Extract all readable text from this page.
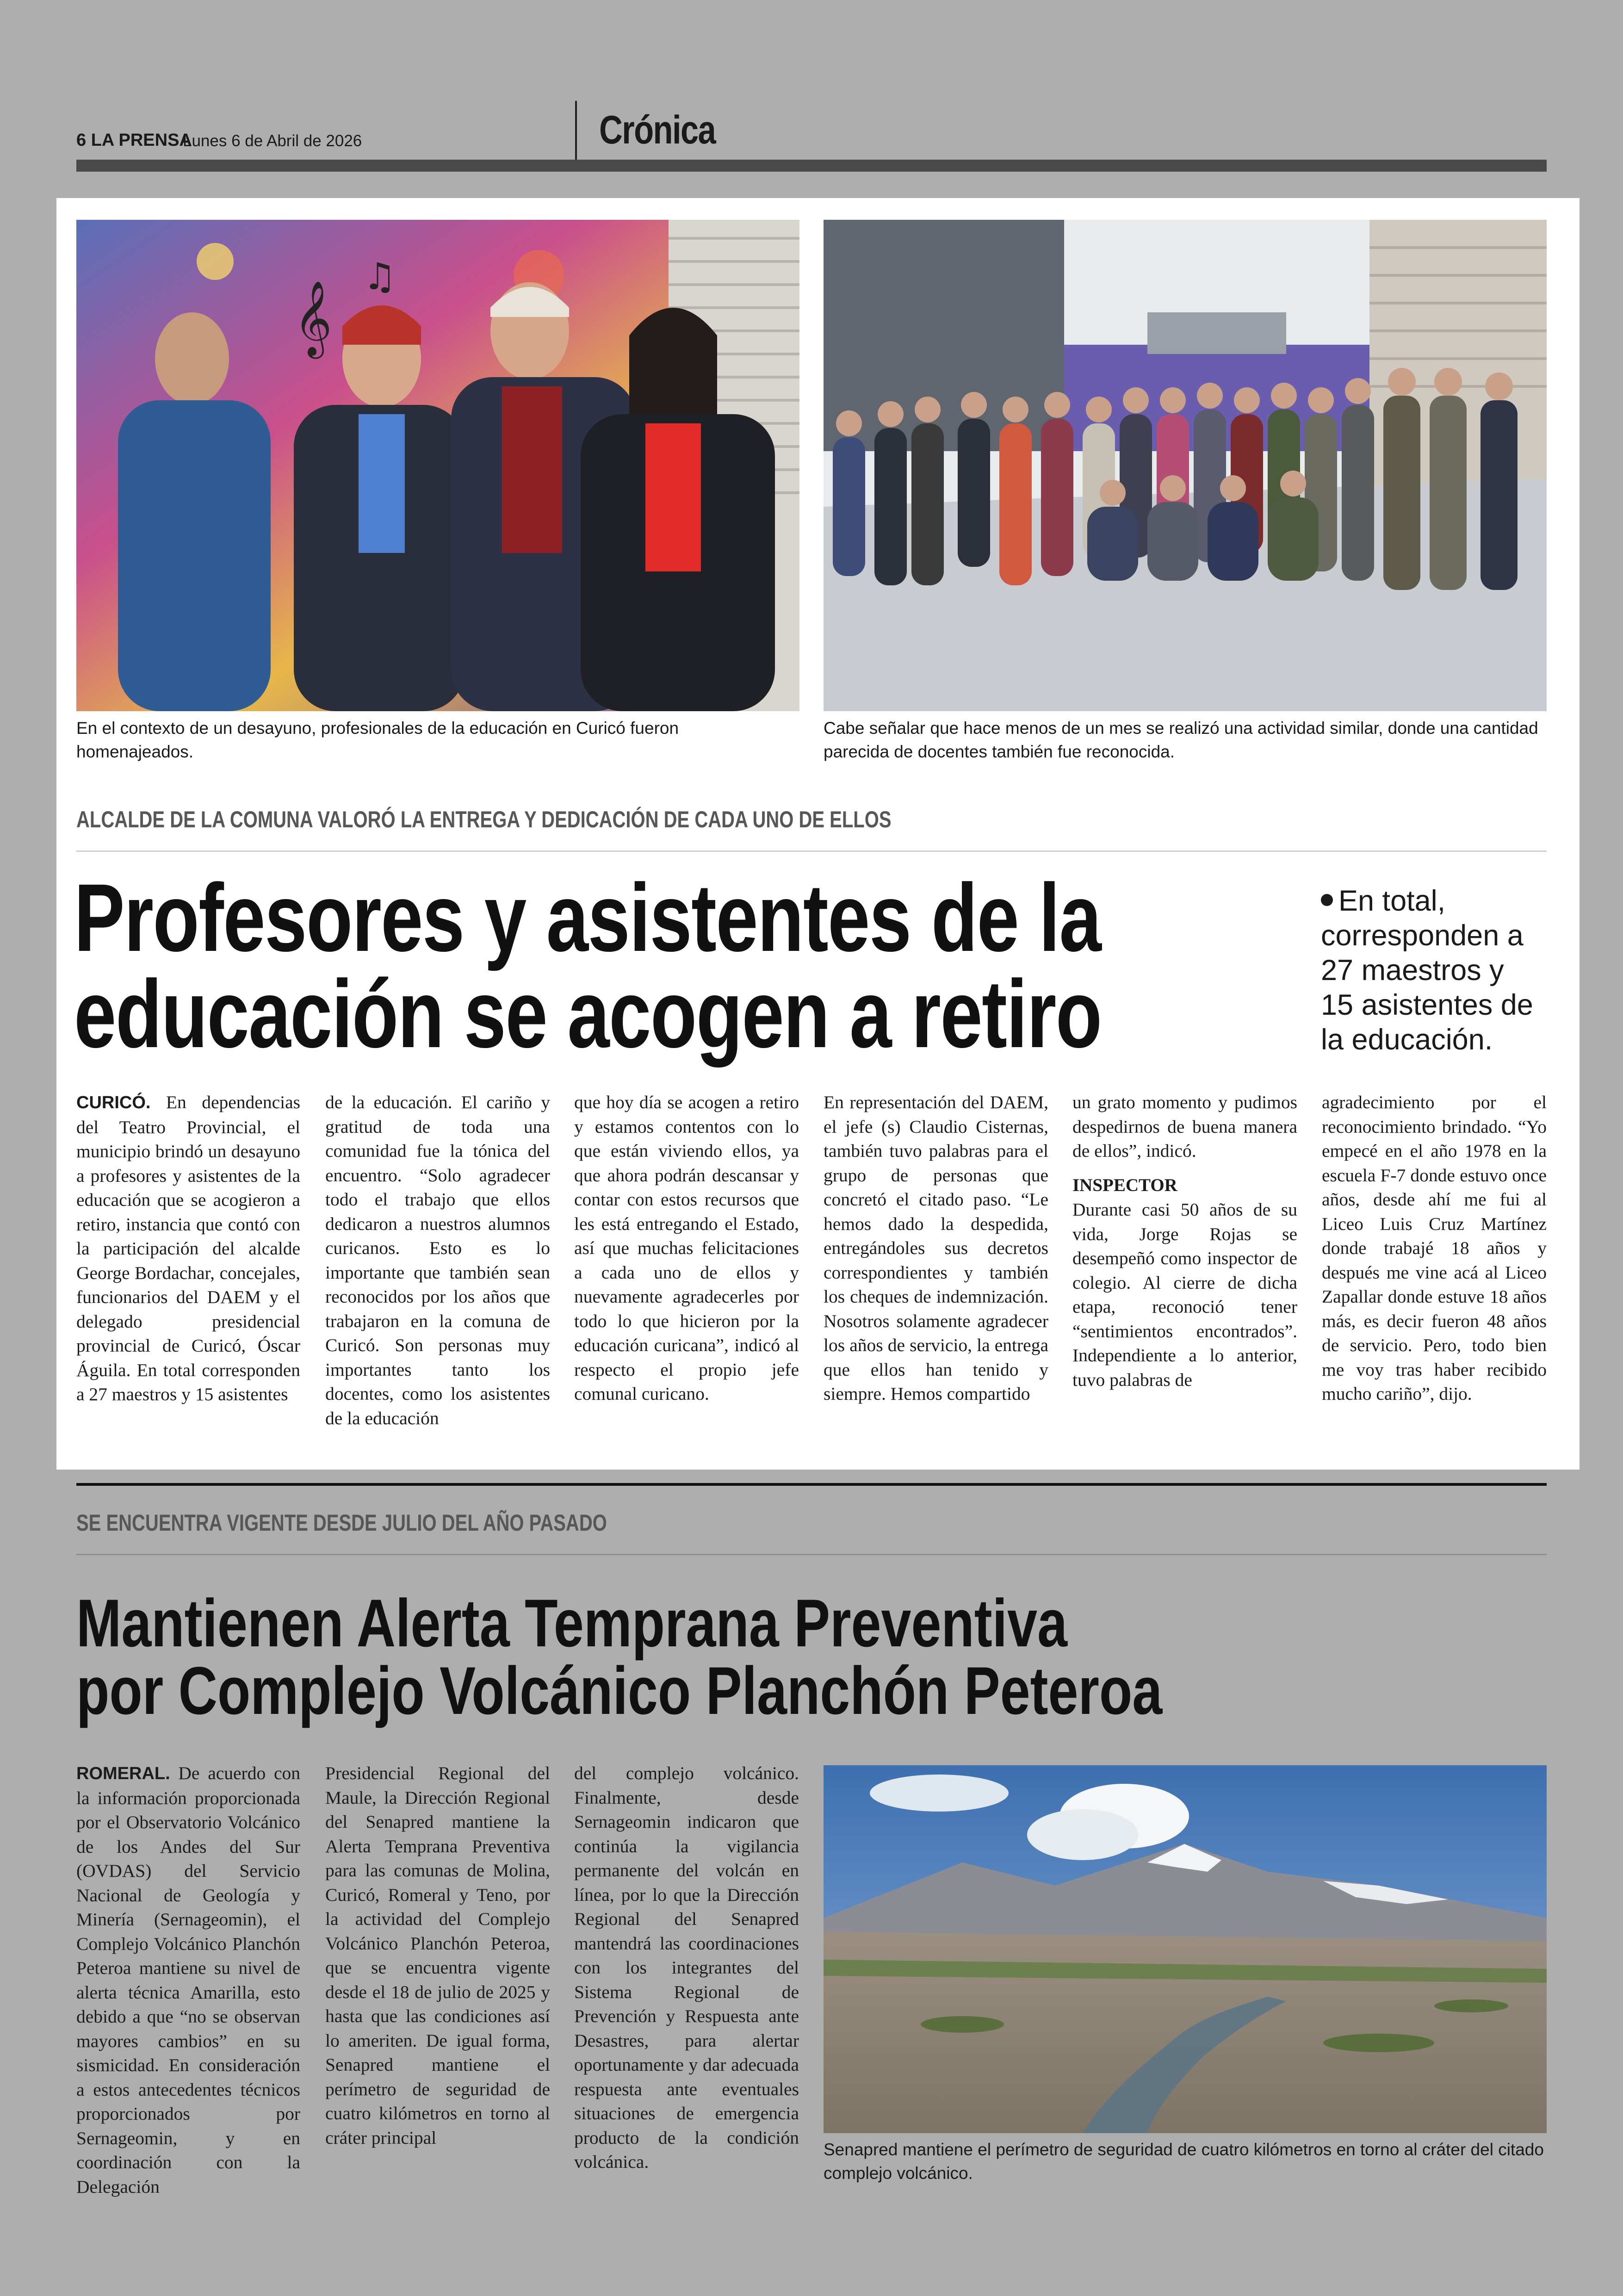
6 LA PRENSA
Lunes 6 de Abril de 2026	Crónica
𝄞
♫
En el contexto de un desayuno, profesionales de la educación en Curicó fueron homenajeados.
Cabe señalar que hace menos de un mes se realizó una actividad similar, donde una cantidad parecida de docentes también fue reconocida.
ALCALDE DE LA COMUNA VALORÓ LA ENTREGA Y DEDICACIÓN DE CADA UNO DE ELLOS
Profesores y asistentes de la
educación se acogen a retiro
En total, corresponden a 27 maestros y 15 asistentes de la educación.

CURICÓ. En dependencias del Teatro Provincial, el municipio brindó un desayuno a profesores y asistentes de la educación que se acogieron a retiro, instancia que contó con la participación del alcalde George Bordachar, concejales, funcionarios del DAEM y el delegado presidencial provincial de Curicó, Óscar Águila. En total corresponden a 27 maestros y 15 asistentes

de la educación. El cariño y gratitud de toda una comunidad fue la tónica del encuentro. “Solo agradecer todo el trabajo que ellos dedicaron a nuestros alumnos curicanos. Esto es lo importante que también sean reconocidos por los años que trabajaron en la comuna de Curicó. Son personas muy importantes tanto los docentes, como los asistentes de la educación

que hoy día se acogen a retiro y estamos contentos con lo que están viviendo ellos, ya que ahora podrán descansar y contar con estos recursos que les está entregando el Estado, así que muchas felicitaciones a cada uno de ellos y nuevamente agradecerles por todo lo que hicieron por la educación curicana”, indicó al respecto el propio jefe comunal curicano.

En representación del DAEM, el jefe (s) Claudio Cisternas, también tuvo palabras para el grupo de personas que concretó el citado paso. “Le hemos dado la despedida, entregándoles sus decretos correspondientes y también los cheques de indemnización. Nosotros solamente agradecer los años de servicio, la entrega que ellos han tenido y siempre. Hemos compartido

un grato momento y pudimos despedirnos de buena manera de ellos”, indicó.

INSPECTOR

Durante casi 50 años de su vida, Jorge Rojas se desempeñó como inspector de colegio. Al cierre de dicha etapa, reconoció tener “sentimientos encontrados”. Independiente a lo anterior, tuvo palabras de

agradecimiento por el reconocimiento brindado. “Yo empecé en el año 1978 en la escuela F-7 donde estuvo once años, desde ahí me fui al Liceo Luis Cruz Martínez donde trabajé 18 años y después me vine acá al Liceo Zapallar donde estuve 18 años más, es decir fueron 48 años de servicio. Pero, todo bien me voy tras haber recibido mucho cariño”, dijo.

SE ENCUENTRA VIGENTE DESDE JULIO DEL AÑO PASADO
Mantienen Alerta Temprana Preventiva
por Complejo Volcánico Planchón Peteroa

ROMERAL. De acuerdo con la información proporcionada por el Observatorio Volcánico de los Andes del Sur (OVDAS) del Servicio Nacional de Geología y Minería (Sernageomin), el Complejo Volcánico Planchón Peteroa mantiene su nivel de alerta técnica Amarilla, esto debido a que “no se observan mayores cambios” en su sismicidad. En consideración a estos antecedentes técnicos proporcionados por Sernageomin, y en coordinación con la Delegación

Presidencial Regional del Maule, la Dirección Regional del Senapred mantiene la Alerta Temprana Preventiva para las comunas de Molina, Curicó, Romeral y Teno, por la actividad del Complejo Volcánico Planchón Peteroa, que se encuentra vigente desde el 18 de julio de 2025 y hasta que las condiciones así lo ameriten. De igual forma, Senapred mantiene el perímetro de seguridad de cuatro kilómetros en torno al cráter principal

del complejo volcánico. Finalmente, desde Sernageomin indicaron que continúa la vigilancia permanente del volcán en línea, por lo que la Dirección Regional del Senapred mantendrá las coordinaciones con los integrantes del Sistema Regional de Prevención y Respuesta ante Desastres, para alertar oportunamente y dar adecuada respuesta ante eventuales situaciones de emergencia producto de la condición volcánica.

Senapred mantiene el perímetro de seguridad de cuatro kilómetros en torno al cráter del citado complejo volcánico.
